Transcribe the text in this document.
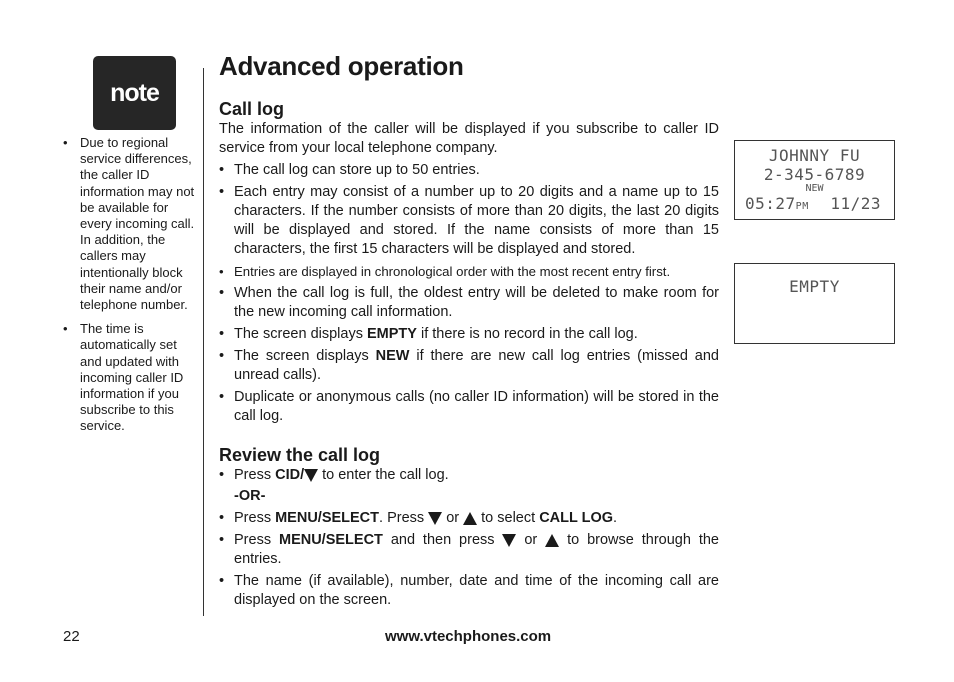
note
• Due to regional service differences, the caller ID information may not be available for every incoming call. In addition, the callers may intentionally block their name and/or telephone number.
• The time is automatically set and updated with incoming caller ID information if you subscribe to this service.
Advanced operation
Call log

The information of the caller will be displayed if you subscribe to caller ID service from your local telephone company.

• The call log can store up to 50 entries.
• Each entry may consist of a number up to 20 digits and a name up to 15 characters. If the number consists of more than 20 digits, the last 20 digits will be displayed and stored. If the name consists of more than 15 characters, the first 15 characters will be displayed and stored.
• Entries are displayed in chronological order with the most recent entry first.
• When the call log is full, the oldest entry will be deleted to make room for the new incoming call information.
• The screen displays EMPTY if there is no record in the call log.
• The screen displays NEW if there are new call log entries (missed and unread calls).
• Duplicate or anonymous calls (no caller ID information) will be stored in the call log.
Review the call log
• Press CID/ to enter the call log.
-OR-
• Press MENU/SELECT. Press  or  to select CALL LOG.
• Press MENU/SELECT and then press  or  to browse through the entries.
• The name (if available), number, date and time of the incoming call are displayed on the screen.
JOHNNY FU
2-345-6789
NEW
05:27PM 11/23
EMPTY
22	www.vtechphones.com
